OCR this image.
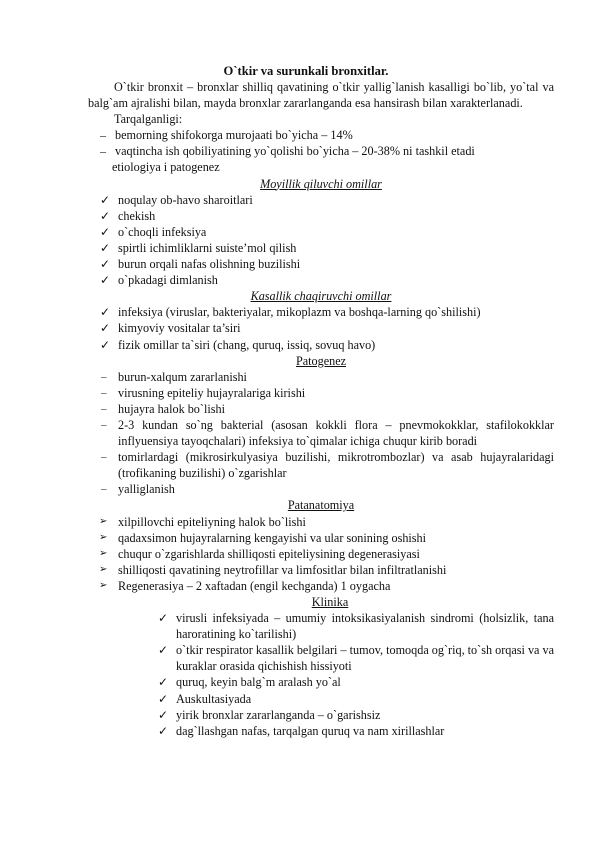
O`tkir va surunkali bronxitlar.

O`tkir bronxit – bronxlar shilliq qavatining o`tkir yallig`lanish kasalligi bo`lib, yo`tal va balg`am ajralishi bilan, mayda bronxlar zararlanganda esa hansirash bilan xarakterlanadi.

Tarqalganligi:

– bemorning shifokorga murojaati bo`yicha – 14%
– vaqtincha ish qobiliyatining yo`qolishi bo`yicha – 20-38% ni tashkil etadi

etiologiya i patogenez

Moyillik qiluvchi omillar

✓ noqulay ob-havo sharoitlari
✓ chekish
✓ o`choqli infeksiya
✓ spirtli ichimliklarni suiste’mol qilish
✓ burun orqali nafas olishning buzilishi
✓ o`pkadagi dimlanish

Kasallik chaqiruvchi omillar

✓ infeksiya (viruslar, bakteriyalar, mikoplazm va boshqa-larning qo`shilishi)
✓ kimyoviy vositalar ta’siri
✓ fizik omillar ta`siri (chang, quruq, issiq, sovuq havo)

Patogenez

– burun-xalqum zararlanishi
– virusning epiteliy hujayralariga kirishi
– hujayra halok bo`lishi
– 2-3 kundan so`ng bakterial (asosan kokkli flora – pnevmokokklar, stafilokokklar inflyuensiya tayoqchalari) infeksiya to`qimalar ichiga chuqur kirib boradi
– tomirlardagi (mikrosirkulyasiya buzilishi, mikrotrombozlar) va asab hujayralaridagi (trofikaning buzilishi) o`zgarishlar
– yalliglanish

Patanatomiya

➢ xilpillovchi epiteliyning halok bo`lishi
➢ qadaxsimon hujayralarning kengayishi va ular sonining oshishi
➢ chuqur o`zgarishlarda shilliqosti epiteliysining degenerasiyasi
➢ shilliqosti qavatining neytrofillar va limfositlar bilan infiltratlanishi
➢ Regenerasiya – 2 xaftadan (engil kechganda) 1 oygacha

Klinika

✓ virusli infeksiyada – umumiy intoksikasiyalanish sindromi (holsizlik, tana haroratining ko`tarilishi)
✓ o`tkir respirator kasallik belgilari – tumov, tomoqda og`riq, to`sh orqasi va va kuraklar orasida qichishish hissiyoti
✓ quruq, keyin balg`m aralash yo`al
✓ Auskultasiyada
✓ yirik bronxlar zararlanganda – o`garishsiz
✓ dag`llashgan nafas, tarqalgan quruq va nam xirillashlar
